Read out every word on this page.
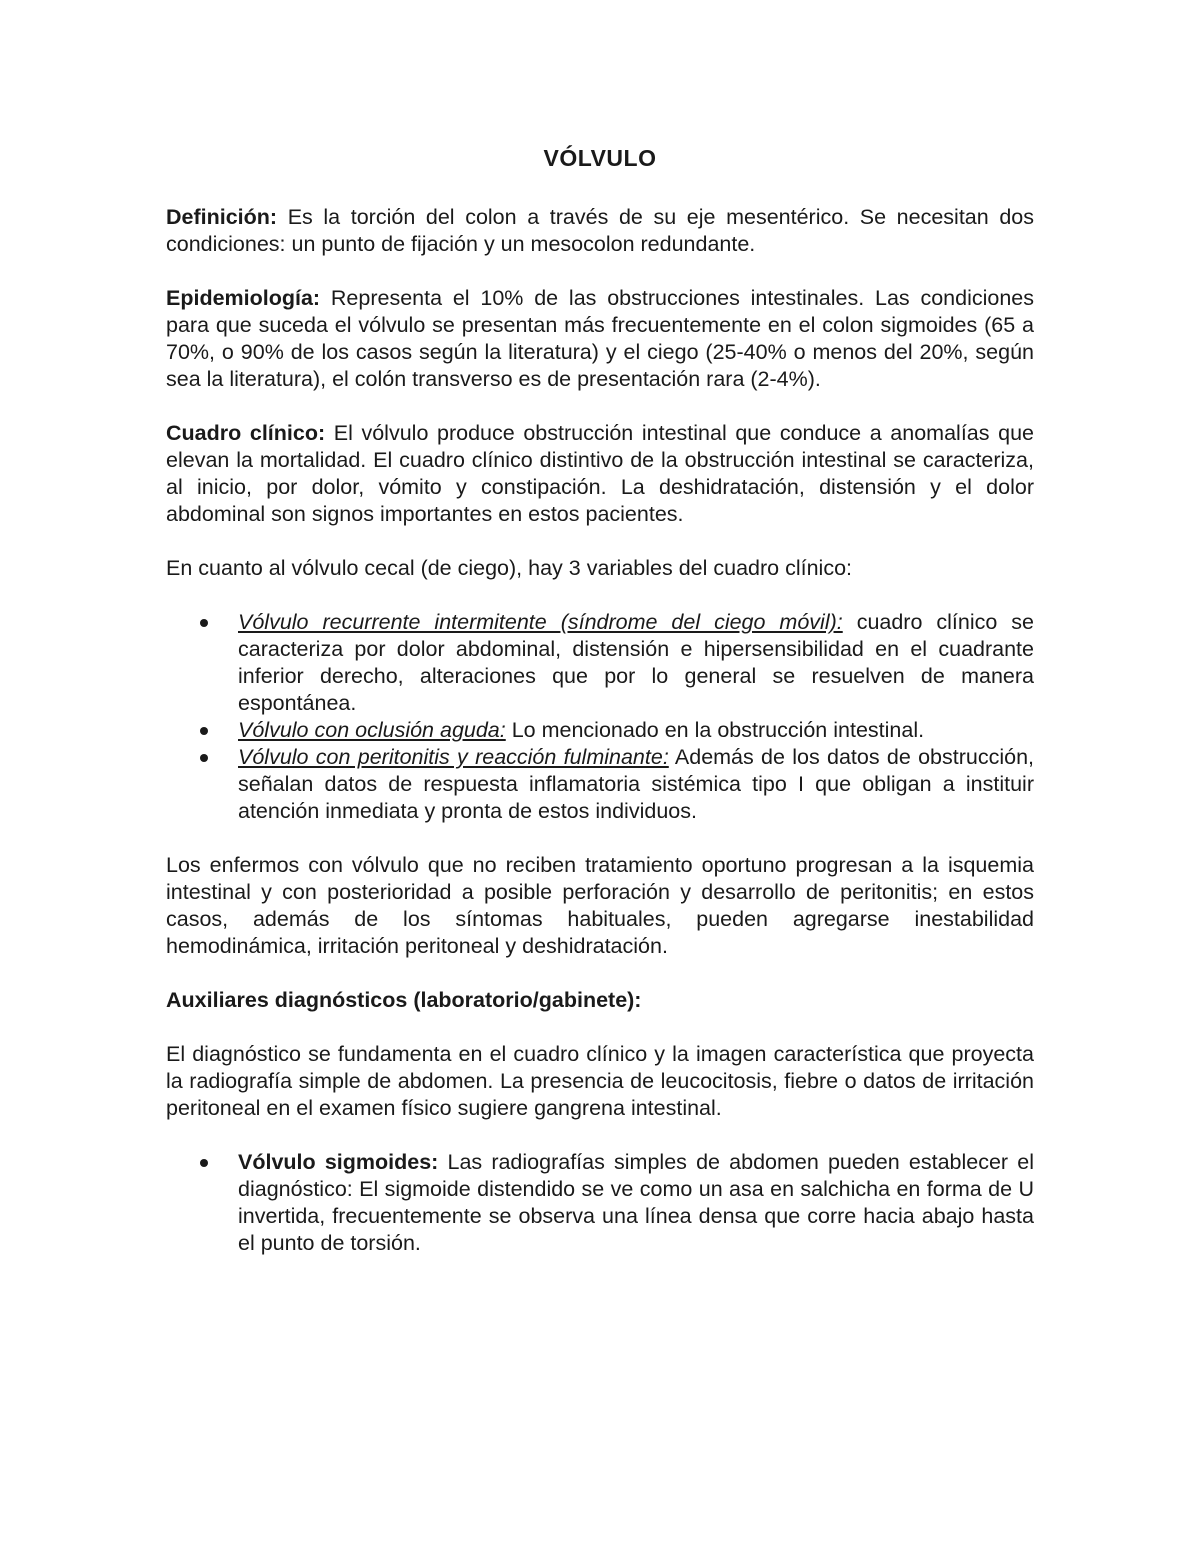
VÓLVULO

Definición: Es la torción del colon a través de su eje mesentérico. Se necesitan dos condiciones: un punto de fijación y un mesocolon redundante.

Epidemiología: Representa el 10% de las obstrucciones intestinales. Las condiciones para que suceda el vólvulo se presentan más frecuentemente en el colon sigmoides (65 a 70%, o 90% de los casos según la literatura) y el ciego (25-40% o menos del 20%, según sea la literatura), el colón transverso es de presentación rara (2-4%).

Cuadro clínico: El vólvulo produce obstrucción intestinal que conduce a anomalías que elevan la mortalidad. El cuadro clínico distintivo de la obstrucción intestinal se caracteriza, al inicio, por dolor, vómito y constipación. La deshidratación, distensión y el dolor abdominal son signos importantes en estos pacientes.

En cuanto al vólvulo cecal (de ciego), hay 3 variables del cuadro clínico:

Vólvulo recurrente intermitente (síndrome del ciego móvil): cuadro clínico se caracteriza por dolor abdominal, distensión e hipersensibilidad en el cuadrante inferior derecho, alteraciones que por lo general se resuelven de manera espontánea.
Vólvulo con oclusión aguda: Lo mencionado en la obstrucción intestinal.
Vólvulo con peritonitis y reacción fulminante: Además de los datos de obstrucción, señalan datos de respuesta inflamatoria sistémica tipo I que obligan a instituir atención inmediata y pronta de estos individuos.

Los enfermos con vólvulo que no reciben tratamiento oportuno progresan a la isquemia intestinal y con posterioridad a posible perforación y desarrollo de peritonitis; en estos casos, además de los síntomas habituales, pueden agregarse inestabilidad hemodinámica, irritación peritoneal y deshidratación.

Auxiliares diagnósticos (laboratorio/gabinete):

El diagnóstico se fundamenta en el cuadro clínico y la imagen característica que proyecta la radiografía simple de abdomen. La presencia de leucocitosis, fiebre o datos de irritación peritoneal en el examen físico sugiere gangrena intestinal.

Vólvulo sigmoides: Las radiografías simples de abdomen pueden establecer el diagnóstico: El sigmoide distendido se ve como un asa en salchicha en forma de U invertida, frecuentemente se observa una línea densa que corre hacia abajo hasta el punto de torsión.
